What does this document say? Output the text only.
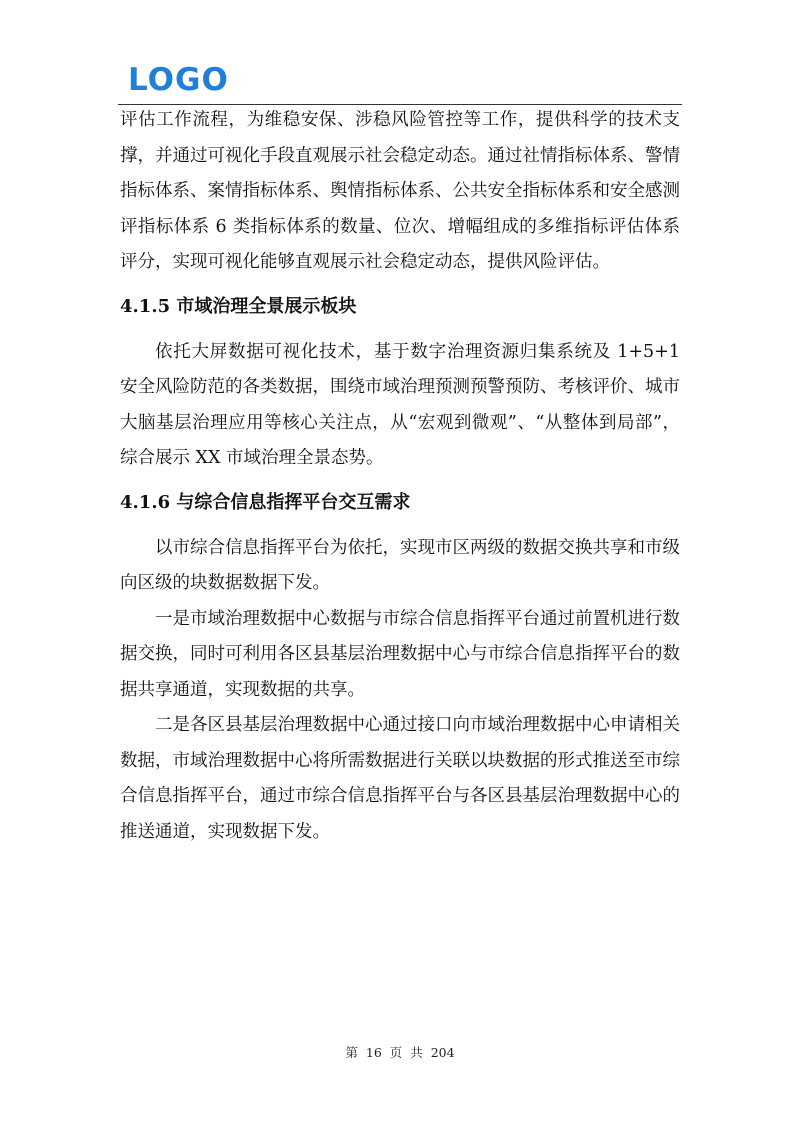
LOGO

评估工作流程，为维稳安保、涉稳风险管控等工作，提供科学的技术支撑，并通过可视化手段直观展示社会稳定动态。通过社情指标体系、警情指标体系、案情指标体系、舆情指标体系、公共安全指标体系和安全感测评指标体系 6 类指标体系的数量、位次、增幅组成的多维指标评估体系评分，实现可视化能够直观展示社会稳定动态，提供风险评估。

4.1.5 市域治理全景展示板块

依托大屏数据可视化技术，基于数字治理资源归集系统及 1+5+1 安全风险防范的各类数据，围绕市域治理预测预警预防、考核评价、城市大脑基层治理应用等核心关注点，从“宏观到微观”、“从整体到局部”，综合展示 XX 市域治理全景态势。

4.1.6 与综合信息指挥平台交互需求

以市综合信息指挥平台为依托，实现市区两级的数据交换共享和市级向区级的块数据数据下发。

一是市域治理数据中心数据与市综合信息指挥平台通过前置机进行数据交换，同时可利用各区县基层治理数据中心与市综合信息指挥平台的数据共享通道，实现数据的共享。

二是各区县基层治理数据中心通过接口向市域治理数据中心申请相关数据，市域治理数据中心将所需数据进行关联以块数据的形式推送至市综合信息指挥平台，通过市综合信息指挥平台与各区县基层治理数据中心的推送通道，实现数据下发。

第 16 页 共 204
